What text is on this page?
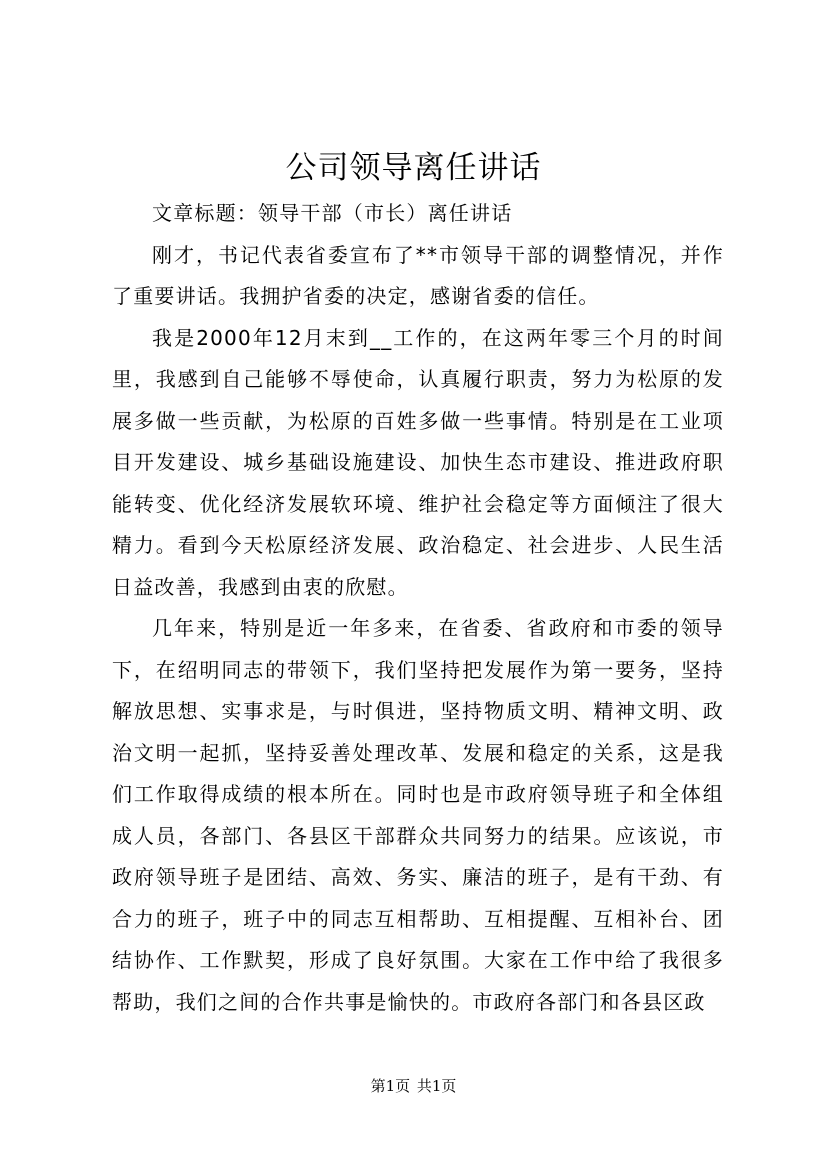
公司领导离任讲话

文章标题：领导干部（市长）离任讲话

刚才，书记代表省委宣布了**市领导干部的调整情况，并作了重要讲话。我拥护省委的决定，感谢省委的信任。

我是2000年12月末到__工作的，在这两年零三个月的时间里，我感到自己能够不辱使命，认真履行职责，努力为松原的发展多做一些贡献，为松原的百姓多做一些事情。特别是在工业项目开发建设、城乡基础设施建设、加快生态市建设、推进政府职能转变、优化经济发展软环境、维护社会稳定等方面倾注了很大精力。看到今天松原经济发展、政治稳定、社会进步、人民生活日益改善，我感到由衷的欣慰。

几年来，特别是近一年多来，在省委、省政府和市委的领导下，在绍明同志的带领下，我们坚持把发展作为第一要务，坚持解放思想、实事求是，与时俱进，坚持物质文明、精神文明、政治文明一起抓，坚持妥善处理改革、发展和稳定的关系，这是我们工作取得成绩的根本所在。同时也是市政府领导班子和全体组成人员，各部门、各县区干部群众共同努力的结果。应该说，市政府领导班子是团结、高效、务实、廉洁的班子，是有干劲、有合力的班子，班子中的同志互相帮助、互相提醒、互相补台、团结协作、工作默契，形成了良好氛围。大家在工作中给了我很多帮助，我们之间的合作共事是愉快的。市政府各部门和各县区政

第1页 共1页
